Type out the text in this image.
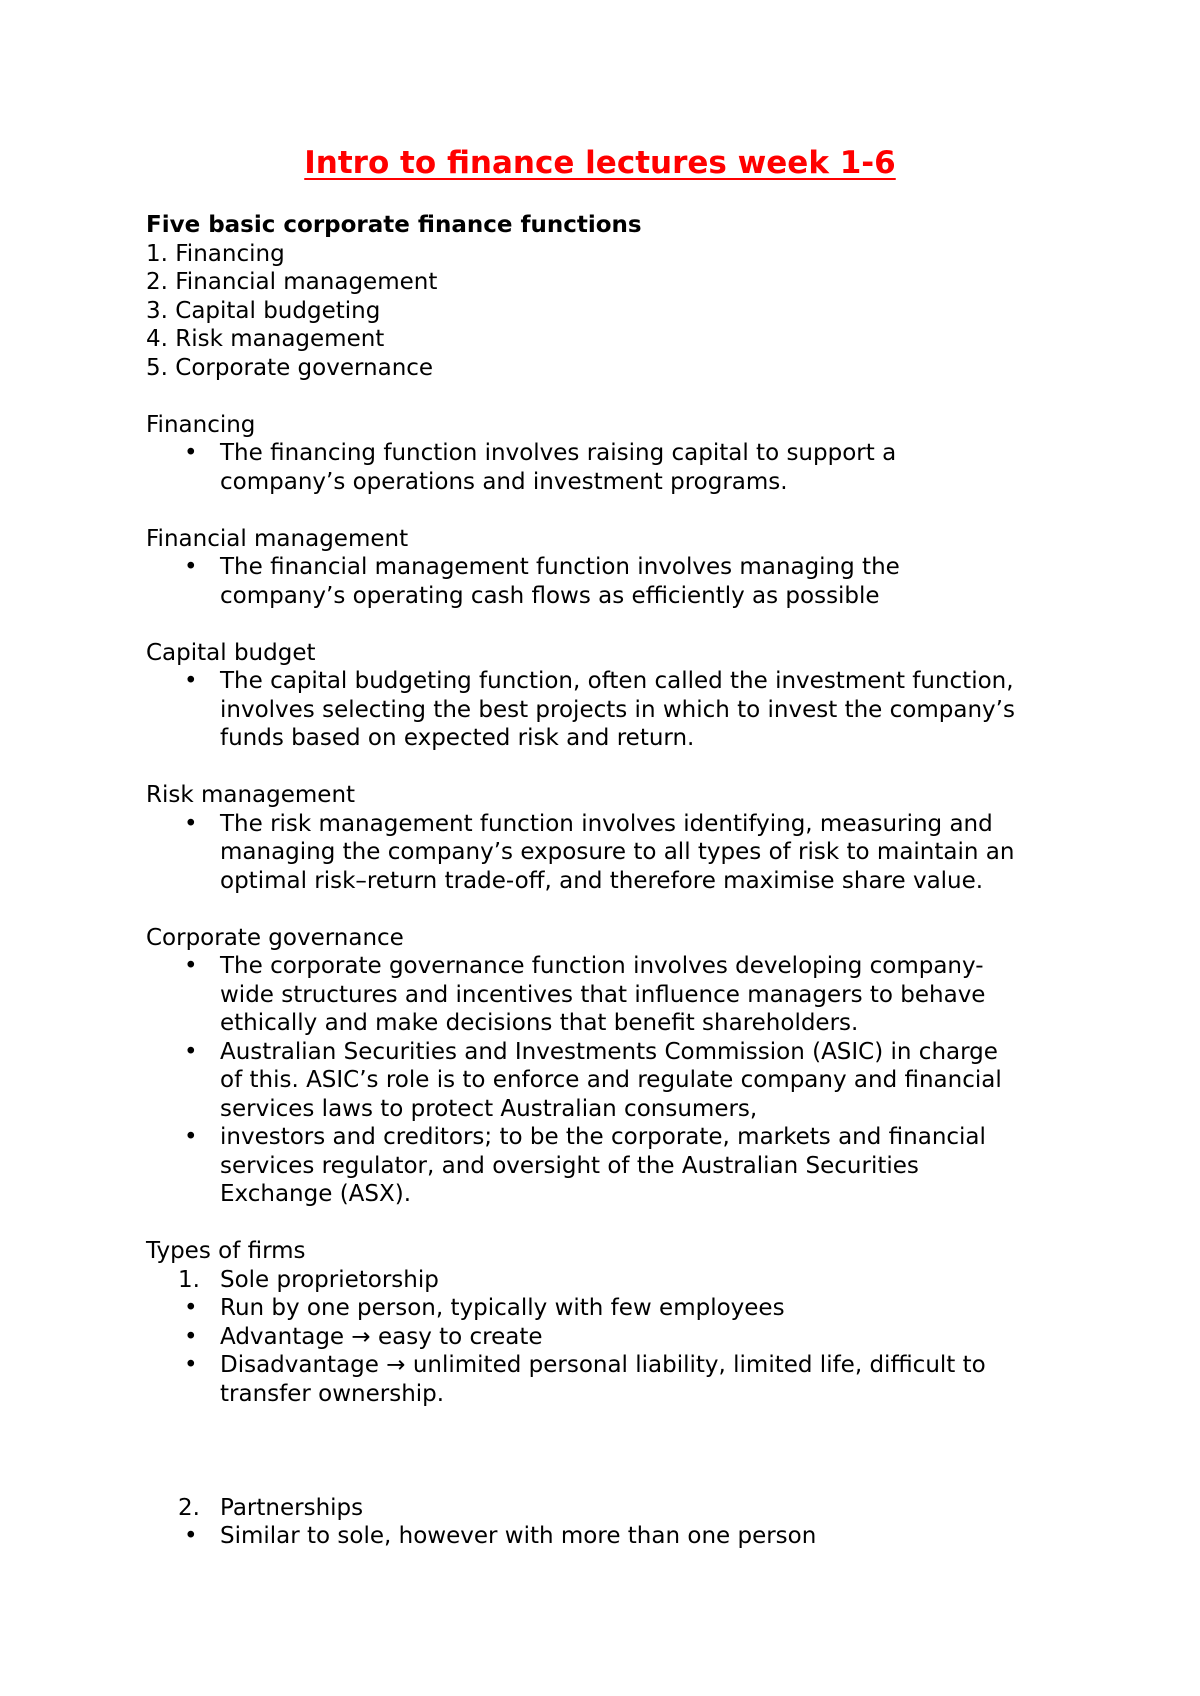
Intro to finance lectures week 1-6
Five basic corporate finance functions
1. Financing
2. Financial management
3. Capital budgeting
4. Risk management
5. Corporate governance
Financing
• The financing function involves raising capital to support a
company’s operations and investment programs.
Financial management
• The financial management function involves managing the
company’s operating cash flows as efficiently as possible
Capital budget
• The capital budgeting function, often called the investment function,
involves selecting the best projects in which to invest the company’s
funds based on expected risk and return.
Risk management
• The risk management function involves identifying, measuring and
managing the company’s exposure to all types of risk to maintain an
optimal risk–return trade-off, and therefore maximise share value.
Corporate governance
• The corporate governance function involves developing company-
wide structures and incentives that influence managers to behave
ethically and make decisions that benefit shareholders.
• Australian Securities and Investments Commission (ASIC) in charge
of this. ASIC’s role is to enforce and regulate company and financial
services laws to protect Australian consumers,
• investors and creditors; to be the corporate, markets and financial
services regulator, and oversight of the Australian Securities
Exchange (ASX).
Types of firms
1. Sole proprietorship
• Run by one person, typically with few employees
• Advantage → easy to create
• Disadvantage → unlimited personal liability, limited life, difficult to
transfer ownership.
2. Partnerships
• Similar to sole, however with more than one person
